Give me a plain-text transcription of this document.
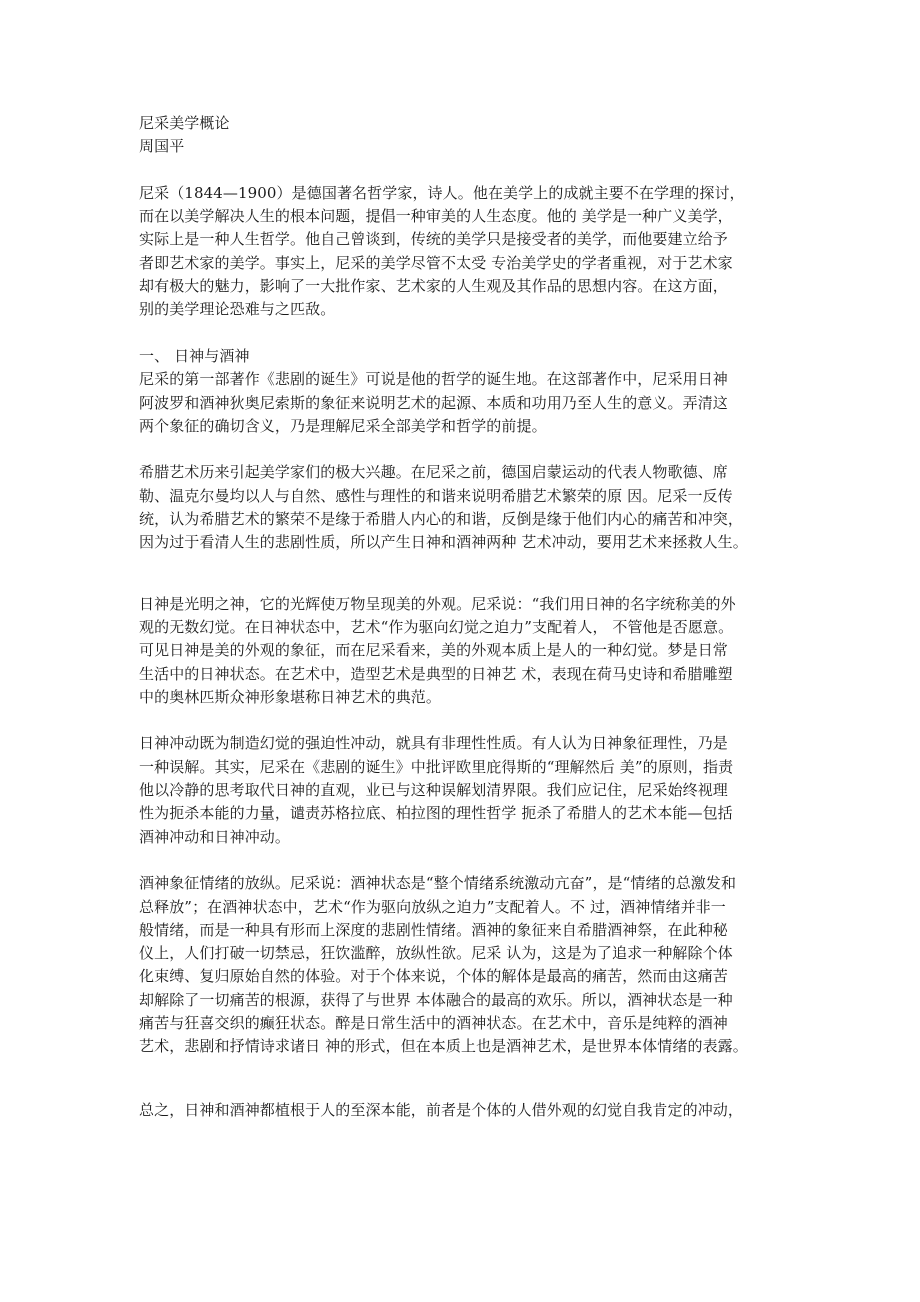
尼采美学概论
周国平
尼采（1844—1900）是德国著名哲学家，诗人。他在美学上的成就主要不在学理的探讨，
而在以美学解决人生的根本问题，提倡一种审美的人生态度。他的 美学是一种广义美学，
实际上是一种人生哲学。他自己曾谈到，传统的美学只是接受者的美学，而他要建立给予
者即艺术家的美学。事实上，尼采的美学尽管不太受 专治美学史的学者重视，对于艺术家
却有极大的魅力，影响了一大批作家、艺术家的人生观及其作品的思想内容。在这方面，
别的美学理论恐难与之匹敌。
一、 日神与酒神
尼采的第一部著作《悲剧的诞生》可说是他的哲学的诞生地。在这部著作中，尼采用日神
阿波罗和酒神狄奥尼索斯的象征来说明艺术的起源、本质和功用乃至人生的意义。弄清这
两个象征的确切含义，乃是理解尼采全部美学和哲学的前提。
希腊艺术历来引起美学家们的极大兴趣。在尼采之前，德国启蒙运动的代表人物歌德、席
勒、温克尔曼均以人与自然、感性与理性的和谐来说明希腊艺术繁荣的原 因。尼采一反传
统，认为希腊艺术的繁荣不是缘于希腊人内心的和谐，反倒是缘于他们内心的痛苦和冲突，
因为过于看清人生的悲剧性质，所以产生日神和酒神两种 艺术冲动，要用艺术来拯救人生。
日神是光明之神，它的光辉使万物呈现美的外观。尼采说：“我们用日神的名字统称美的外
观的无数幻觉。在日神状态中，艺术“作为驱向幻觉之迫力”支配着人， 不管他是否愿意。
可见日神是美的外观的象征，而在尼采看来，美的外观本质上是人的一种幻觉。梦是日常
生活中的日神状态。在艺术中，造型艺术是典型的日神艺 术，表现在荷马史诗和希腊雕塑
中的奥林匹斯众神形象堪称日神艺术的典范。
日神冲动既为制造幻觉的强迫性冲动，就具有非理性性质。有人认为日神象征理性，乃是
一种误解。其实，尼采在《悲剧的诞生》中批评欧里庇得斯的“理解然后 美”的原则，指责
他以冷静的思考取代日神的直观，业已与这种误解划清界限。我们应记住，尼采始终视理
性为扼杀本能的力量，谴责苏格拉底、柏拉图的理性哲学 扼杀了希腊人的艺术本能—包括
酒神冲动和日神冲动。
酒神象征情绪的放纵。尼采说：酒神状态是“整个情绪系统激动亢奋”，是“情绪的总激发和
总释放”；在酒神状态中，艺术“作为驱向放纵之迫力”支配着人。不 过，酒神情绪并非一
般情绪，而是一种具有形而上深度的悲剧性情绪。酒神的象征来自希腊酒神祭，在此种秘
仪上，人们打破一切禁忌，狂饮滥醉，放纵性欲。尼采 认为，这是为了追求一种解除个体
化束缚、复归原始自然的体验。对于个体来说，个体的解体是最高的痛苦，然而由这痛苦
却解除了一切痛苦的根源，获得了与世界 本体融合的最高的欢乐。所以，酒神状态是一种
痛苦与狂喜交织的癫狂状态。醉是日常生活中的酒神状态。在艺术中，音乐是纯粹的酒神
艺术，悲剧和抒情诗求诸日 神的形式，但在本质上也是酒神艺术，是世界本体情绪的表露。
总之，日神和酒神都植根于人的至深本能，前者是个体的人借外观的幻觉自我肯定的冲动，
